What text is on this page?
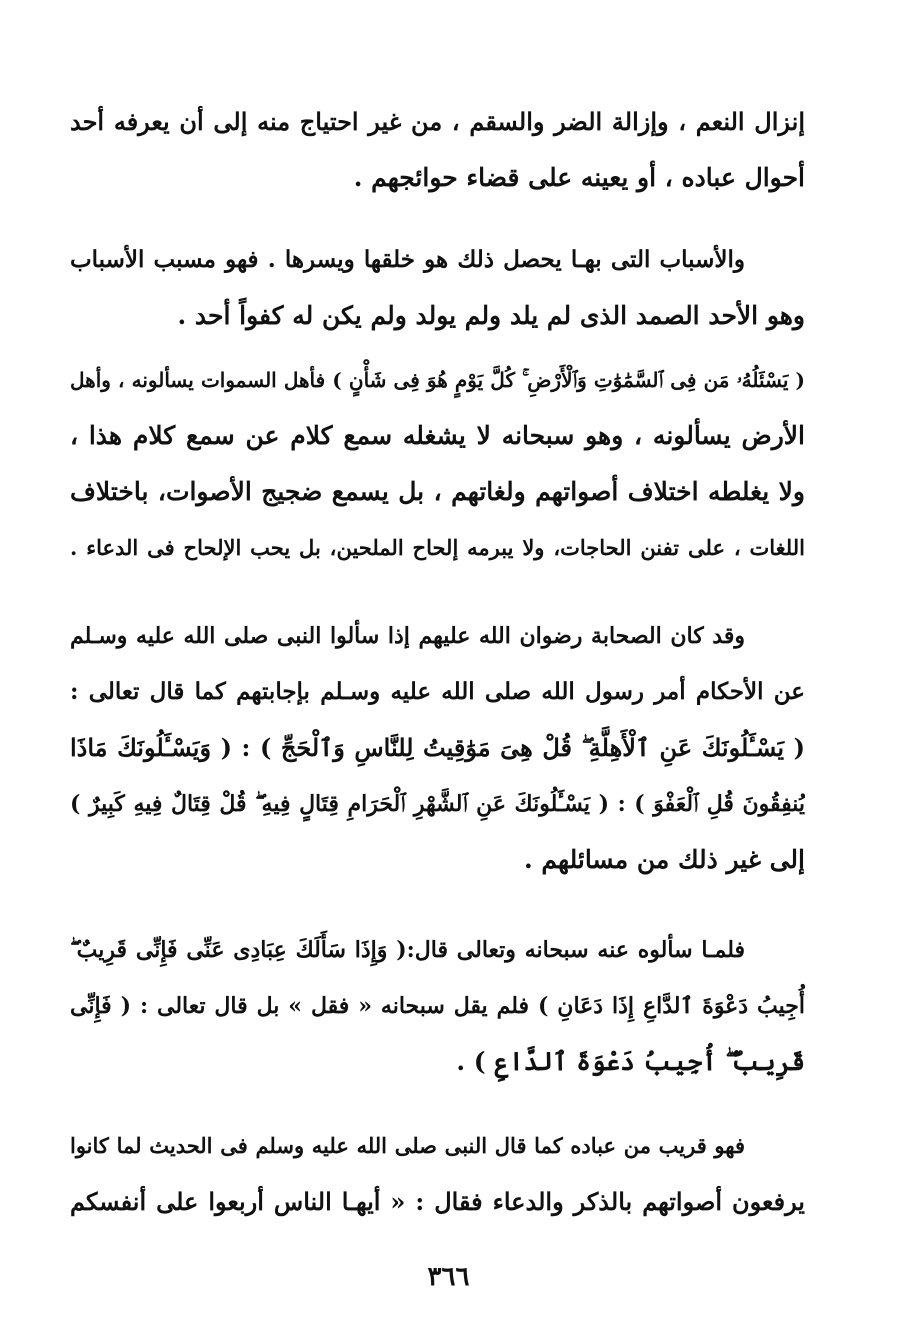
إنزال النعم ، وإزالة الضر والسقم ، من غير احتياج منه إلى أن يعرفه أحد
أحوال عباده ، أو يعينه على قضاء حوائجهم .
والأسباب التى بهـا يحصل ذلك هو خلقها ويسرها . فهو مسبب الأسباب
وهو الأحد الصمد الذى لم يلد ولم يولد ولم يكن له كفواً أحد .
( يَسْئَلُهُۥ مَن فِى ٱلسَّمَٰوَٰتِ وَٱلْأَرْضِ ۚ كُلَّ يَوْمٍ هُوَ فِى شَأْنٍ ) فأهل السموات يسألونه ، وأهل
الأرض يسألونه ، وهو سبحانه لا يشغله سمع كلام عن سمع كلام هذا ،
ولا يغلطه اختلاف أصواتهم ولغاتهم ، بل يسمع ضجيج الأصوات، باختلاف
اللغات ، على تفنن الحاجات، ولا يبرمه إلحاح الملحين، بل يحب الإلحاح فى الدعاء .
وقد كان الصحابة رضوان الله عليهم إذا سألوا النبى صلى الله عليه وسـلم
عن الأحكام أمر رسول الله صلى الله عليه وسـلم بإجابتهم كما قال تعالى :
( يَسْـَٔلُونَكَ عَنِ ٱلْأَهِلَّةِ ۖ قُلْ هِىَ مَوَٰقِيتُ لِلنَّاسِ وَٱلْحَجِّ ) : ( وَيَسْـَٔلُونَكَ مَاذَا
يُنفِقُونَ قُلِ ٱلْعَفْوَ ) : ( يَسْـَٔلُونَكَ عَنِ ٱلشَّهْرِ ٱلْحَرَامِ قِتَالٍ فِيهِ ۖ قُلْ قِتَالٌ فِيهِ كَبِيرٌ )
إلى غير ذلك من مسائلهم .
فلمـا سألوه عنه سبحانه وتعالى قال:( وَإِذَا سَأَلَكَ عِبَادِى عَنِّى فَإِنِّى قَرِيبٌ ۖ
أُجِيبُ دَعْوَةَ ٱلدَّاعِ إِذَا دَعَانِ ) فلم يقل سبحانه « فقل » بل قال تعالى : ( فَإِنِّى
قَرِيبٌ ۖ أُجِيبُ دَعْوَةَ ٱلدَّاعِ ) .
فهو قريب من عباده كما قال النبى صلى الله عليه وسلم فى الحديث لما كانوا
يرفعون أصواتهم بالذكر والدعاء فقال : « أيهـا الناس أربعوا على أنفسكم
٣٦٦
